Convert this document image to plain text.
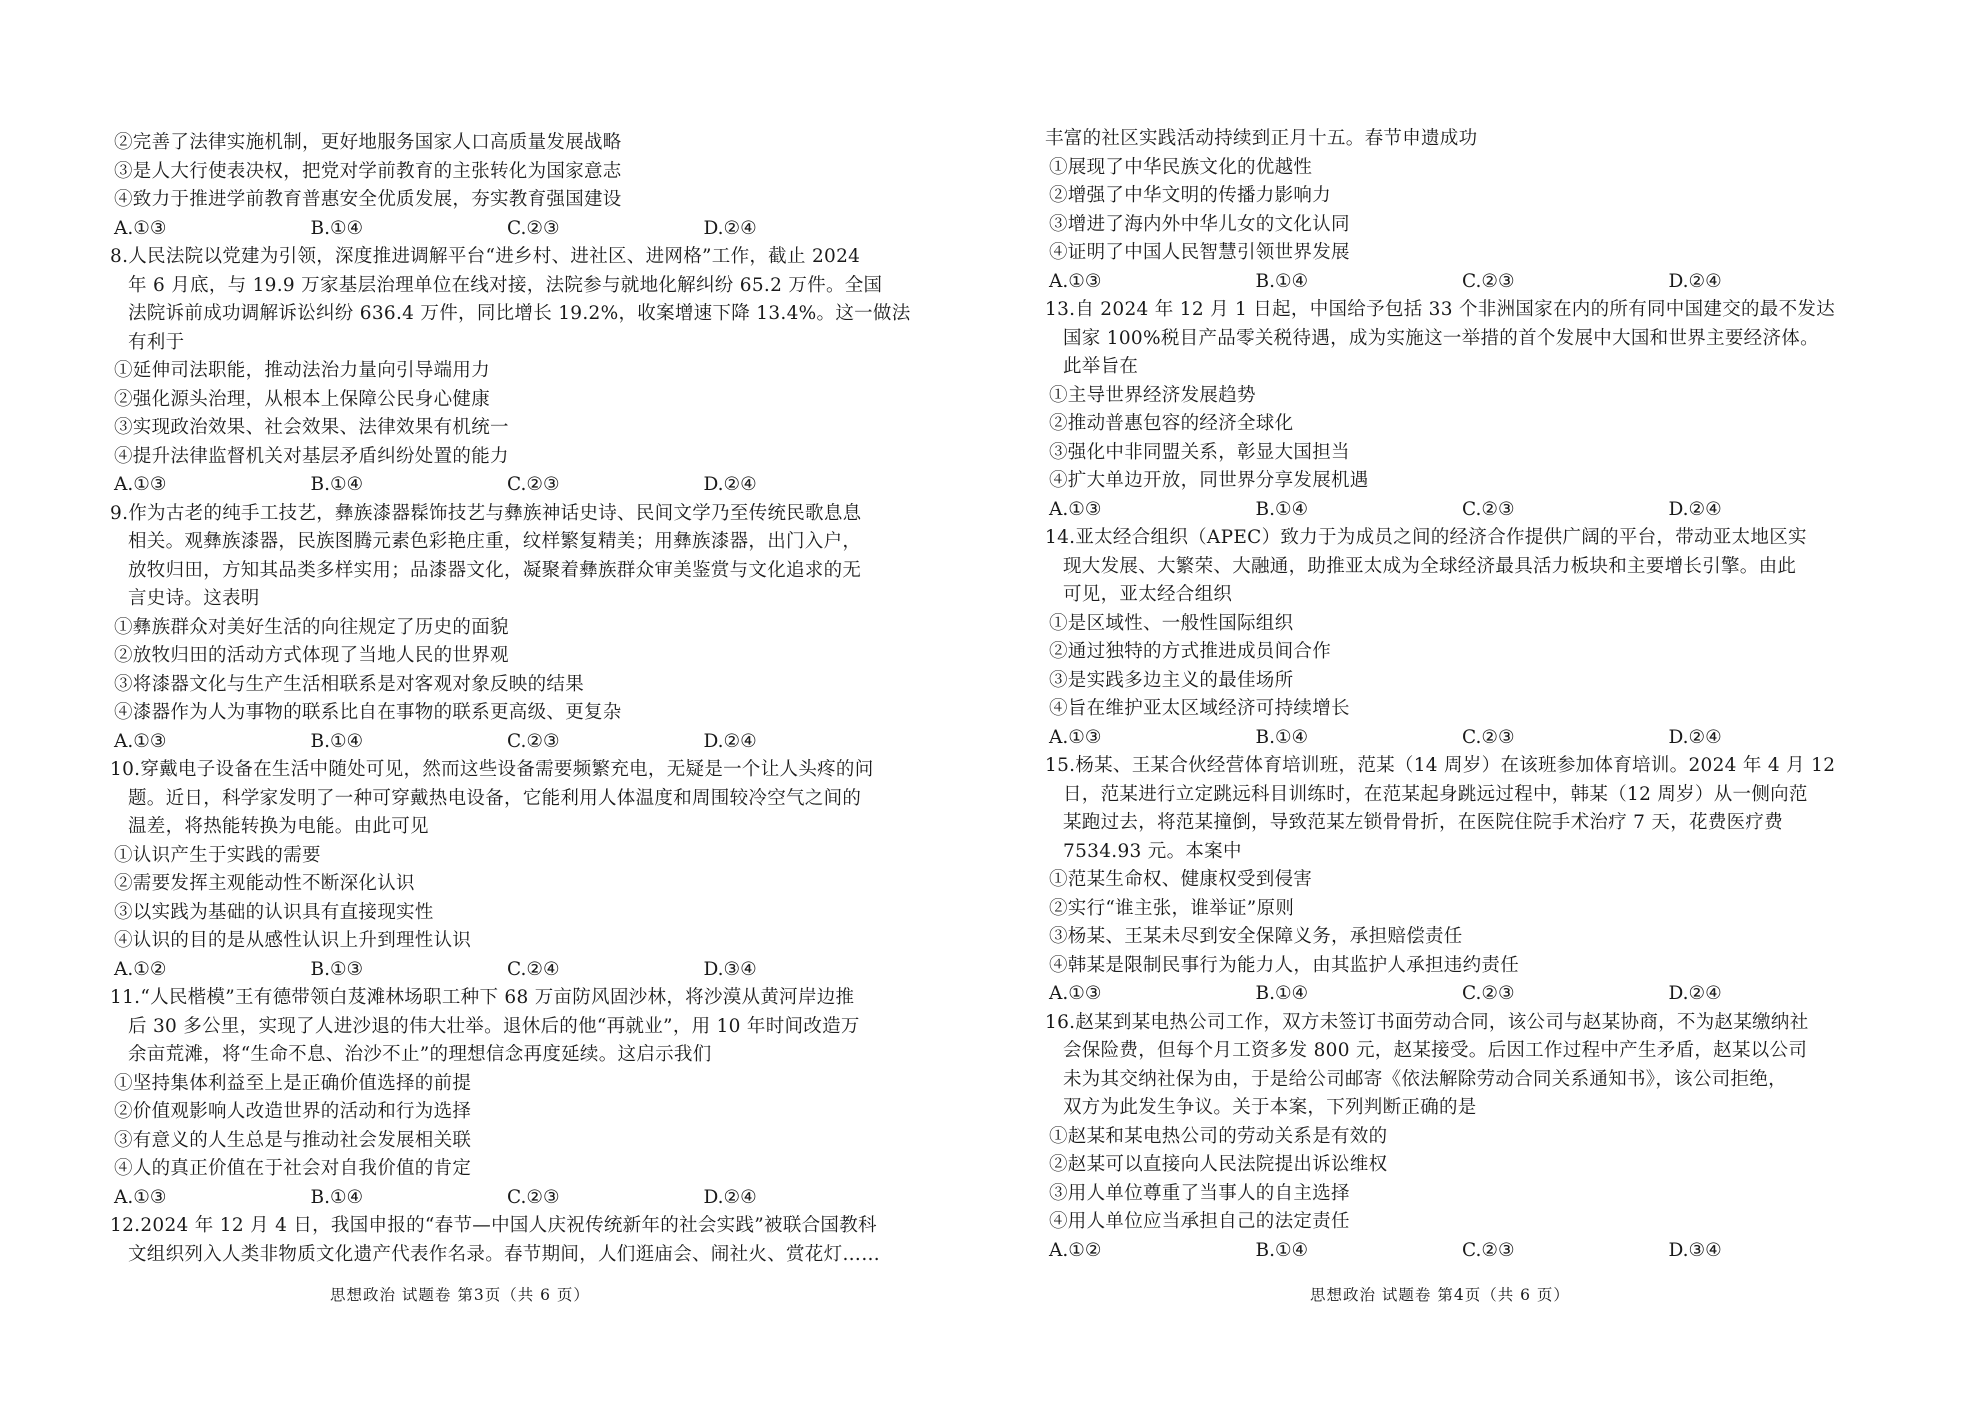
②完善了法律实施机制，更好地服务国家人口高质量发展战略
③是人大行使表决权，把党对学前教育的主张转化为国家意志
④致力于推进学前教育普惠安全优质发展，夯实教育强国建设
A.①③	B.①④	C.②③	D.②④
8.人民法院以党建为引领，深度推进调解平台“进乡村、进社区、进网格”工作，截止 2024
年 6 月底，与 19.9 万家基层治理单位在线对接，法院参与就地化解纠纷 65.2 万件。全国
法院诉前成功调解诉讼纠纷 636.4 万件，同比增长 19.2%，收案增速下降 13.4%。这一做法
有利于
①延伸司法职能，推动法治力量向引导端用力
②强化源头治理，从根本上保障公民身心健康
③实现政治效果、社会效果、法律效果有机统一
④提升法律监督机关对基层矛盾纠纷处置的能力
A.①③	B.①④	C.②③	D.②④
9.作为古老的纯手工技艺，彝族漆器髹饰技艺与彝族神话史诗、民间文学乃至传统民歌息息
相关。观彝族漆器，民族图腾元素色彩艳庄重，纹样繁复精美；用彝族漆器，出门入户，
放牧归田，方知其品类多样实用；品漆器文化，凝聚着彝族群众审美鉴赏与文化追求的无
言史诗。这表明
①彝族群众对美好生活的向往规定了历史的面貌
②放牧归田的活动方式体现了当地人民的世界观
③将漆器文化与生产生活相联系是对客观对象反映的结果
④漆器作为人为事物的联系比自在事物的联系更高级、更复杂
A.①③	B.①④	C.②③	D.②④
10.穿戴电子设备在生活中随处可见，然而这些设备需要频繁充电，无疑是一个让人头疼的问
题。近日，科学家发明了一种可穿戴热电设备，它能利用人体温度和周围较冷空气之间的
温差，将热能转换为电能。由此可见
①认识产生于实践的需要
②需要发挥主观能动性不断深化认识
③以实践为基础的认识具有直接现实性
④认识的目的是从感性认识上升到理性认识
A.①②	B.①③	C.②④	D.③④
11.“人民楷模”王有德带领白芨滩林场职工种下 68 万亩防风固沙林，将沙漠从黄河岸边推
后 30 多公里，实现了人进沙退的伟大壮举。退休后的他“再就业”，用 10 年时间改造万
余亩荒滩，将“生命不息、治沙不止”的理想信念再度延续。这启示我们
①坚持集体利益至上是正确价值选择的前提
②价值观影响人改造世界的活动和行为选择
③有意义的人生总是与推动社会发展相关联
④人的真正价值在于社会对自我价值的肯定
A.①③	B.①④	C.②③	D.②④
12.2024 年 12 月 4 日，我国申报的“春节—中国人庆祝传统新年的社会实践”被联合国教科
文组织列入人类非物质文化遗产代表作名录。春节期间，人们逛庙会、闹社火、赏花灯……
思想政治 试题卷 第3页（共 6 页）
丰富的社区实践活动持续到正月十五。春节申遗成功
①展现了中华民族文化的优越性
②增强了中华文明的传播力影响力
③增进了海内外中华儿女的文化认同
④证明了中国人民智慧引领世界发展
A.①③	B.①④	C.②③	D.②④
13.自 2024 年 12 月 1 日起，中国给予包括 33 个非洲国家在内的所有同中国建交的最不发达
国家 100%税目产品零关税待遇，成为实施这一举措的首个发展中大国和世界主要经济体。
此举旨在
①主导世界经济发展趋势
②推动普惠包容的经济全球化
③强化中非同盟关系，彰显大国担当
④扩大单边开放，同世界分享发展机遇
A.①③	B.①④	C.②③	D.②④
14.亚太经合组织（APEC）致力于为成员之间的经济合作提供广阔的平台，带动亚太地区实
现大发展、大繁荣、大融通，助推亚太成为全球经济最具活力板块和主要增长引擎。由此
可见，亚太经合组织
①是区域性、一般性国际组织
②通过独特的方式推进成员间合作
③是实践多边主义的最佳场所
④旨在维护亚太区域经济可持续增长
A.①③	B.①④	C.②③	D.②④
15.杨某、王某合伙经营体育培训班，范某（14 周岁）在该班参加体育培训。2024 年 4 月 12
日，范某进行立定跳远科目训练时，在范某起身跳远过程中，韩某（12 周岁）从一侧向范
某跑过去，将范某撞倒，导致范某左锁骨骨折，在医院住院手术治疗 7 天，花费医疗费
7534.93 元。本案中
①范某生命权、健康权受到侵害
②实行“谁主张，谁举证”原则
③杨某、王某未尽到安全保障义务，承担赔偿责任
④韩某是限制民事行为能力人，由其监护人承担违约责任
A.①③	B.①④	C.②③	D.②④
16.赵某到某电热公司工作，双方未签订书面劳动合同，该公司与赵某协商，不为赵某缴纳社
会保险费，但每个月工资多发 800 元，赵某接受。后因工作过程中产生矛盾，赵某以公司
未为其交纳社保为由，于是给公司邮寄《依法解除劳动合同关系通知书》，该公司拒绝，
双方为此发生争议。关于本案，下列判断正确的是
①赵某和某电热公司的劳动关系是有效的
②赵某可以直接向人民法院提出诉讼维权
③用人单位尊重了当事人的自主选择
④用人单位应当承担自己的法定责任
A.①②	B.①④	C.②③	D.③④
思想政治 试题卷 第4页（共 6 页）
